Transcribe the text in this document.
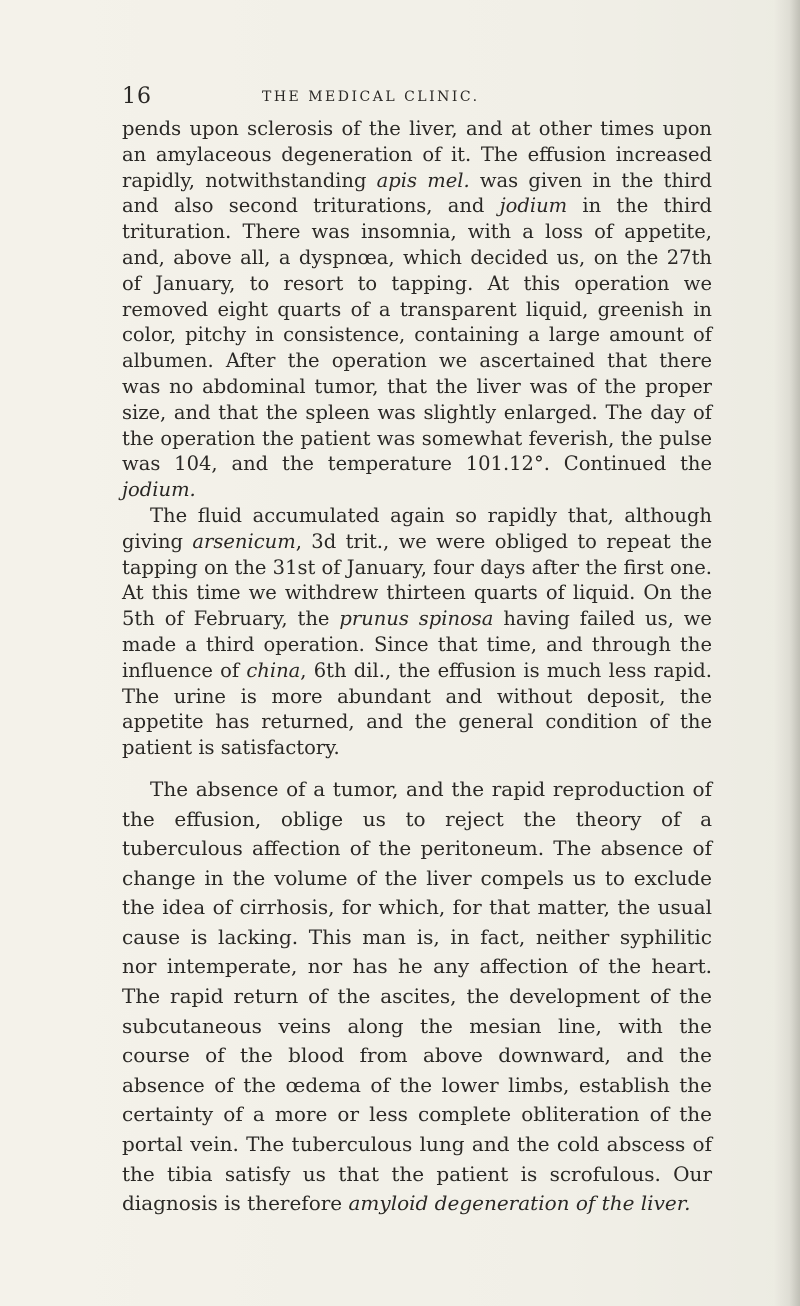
16	THE MEDICAL CLINIC.

pends upon sclerosis of the liver, and at other times upon an amylaceous degeneration of it. The effusion increased rapidly, notwithstanding apis mel. was given in the third and also second triturations, and jodium in the third trituration. There was insomnia, with a loss of appetite, and, above all, a dyspnœa, which decided us, on the 27th of January, to resort to tapping. At this operation we removed eight quarts of a transparent liquid, greenish in color, pitchy in consistence, containing a large amount of albumen. After the operation we ascertained that there was no abdominal tumor, that the liver was of the proper size, and that the spleen was slightly enlarged. The day of the operation the patient was somewhat feverish, the pulse was 104, and the temperature 101.12°. Continued the jodium.

The fluid accumulated again so rapidly that, although giving arsenicum, 3d trit., we were obliged to repeat the tapping on the 31st of January, four days after the first one. At this time we withdrew thirteen quarts of liquid. On the 5th of February, the prunus spinosa having failed us, we made a third operation. Since that time, and through the influence of china, 6th dil., the effusion is much less rapid. The urine is more abundant and without deposit, the appetite has returned, and the general condition of the patient is satisfactory.

The absence of a tumor, and the rapid reproduction of the effusion, oblige us to reject the theory of a tuberculous affection of the peritoneum. The absence of change in the volume of the liver compels us to exclude the idea of cirrhosis, for which, for that matter, the usual cause is lacking. This man is, in fact, neither syphilitic nor intemperate, nor has he any affection of the heart. The rapid return of the ascites, the development of the subcutaneous veins along the mesian line, with the course of the blood from above downward, and the absence of the œdema of the lower limbs, establish the certainty of a more or less complete obliteration of the portal vein. The tuberculous lung and the cold abscess of the tibia satisfy us that the patient is scrofulous. Our diagnosis is therefore amyloid degeneration of the liver.
